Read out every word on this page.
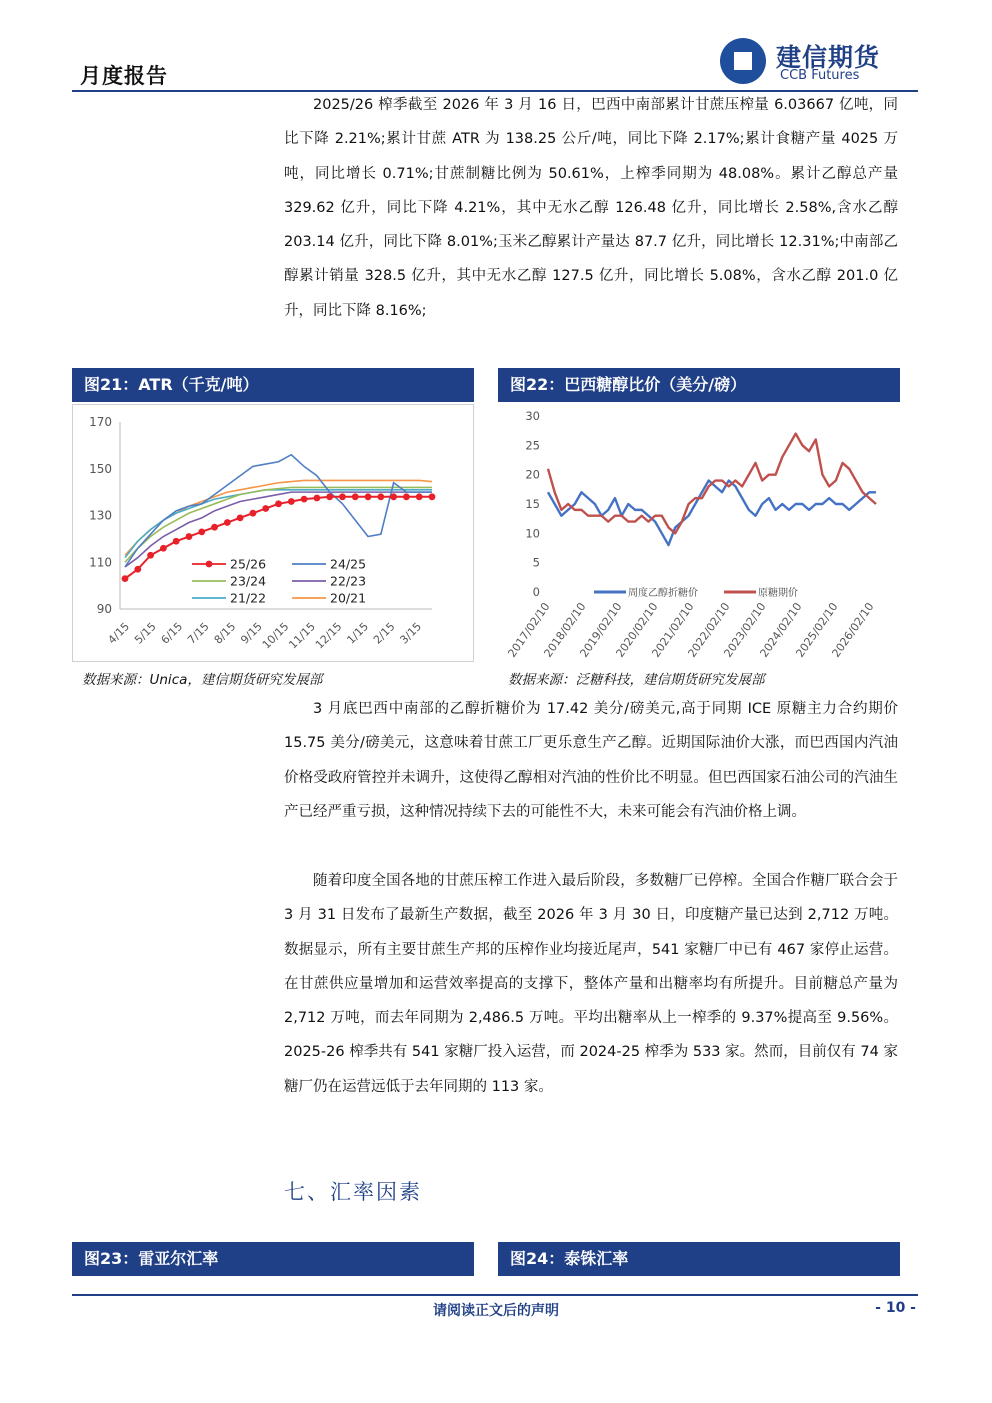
月度报告
建信期货
CCB Futures
2025/26 榨季截至 2026 年 3 月 16 日，巴西中南部累计甘蔗压榨量 6.03667 亿吨，同比下降 2.21%;累计甘蔗 ATR 为 138.25 公斤/吨，同比下降 2.17%;累计食糖产量 4025 万吨，同比增长 0.71%;甘蔗制糖比例为 50.61%，上榨季同期为 48.08%。累计乙醇总产量 329.62 亿升，同比下降 4.21%，其中无水乙醇 126.48 亿升，同比增长 2.58%,含水乙醇 203.14 亿升，同比下降 8.01%;玉米乙醇累计产量达 87.7 亿升，同比增长 12.31%;中南部乙醇累计销量 328.5 亿升，其中无水乙醇 127.5 亿升，同比增长 5.08%，含水乙醇 201.0 亿升，同比下降 8.16%;
图21：ATR（千克/吨）
90
110
130
150
170
4/15 5/15 6/15 7/15 8/15 9/15
10/15
11/15
12/15 1/15 2/15 3/15
25/26	24/25
23/24	22/23
21/22	20/21
数据来源：Unica，建信期货研究发展部
图22：巴西糖醇比价（美分/磅）
0
5
10
15
20
25
30
2017/02/10
2018/02/10
2019/02/10
2020/02/10
2021/02/10
2022/02/10
2023/02/10
2024/02/10
2025/02/10
2026/02/10
周度乙醇折糖价	原糖期价
数据来源：泛糖科技，建信期货研究发展部
3 月底巴西中南部的乙醇折糖价为 17.42 美分/磅美元,高于同期 ICE 原糖主力合约期价 15.75 美分/磅美元，这意味着甘蔗工厂更乐意生产乙醇。近期国际油价大涨，而巴西国内汽油价格受政府管控并未调升，这使得乙醇相对汽油的性价比不明显。但巴西国家石油公司的汽油生产已经严重亏损，这种情况持续下去的可能性不大，未来可能会有汽油价格上调。
随着印度全国各地的甘蔗压榨工作进入最后阶段，多数糖厂已停榨。全国合作糖厂联合会于 3 月 31 日发布了最新生产数据，截至 2026 年 3 月 30 日，印度糖产量已达到 2,712 万吨。数据显示，所有主要甘蔗生产邦的压榨作业均接近尾声，541 家糖厂中已有 467 家停止运营。在甘蔗供应量增加和运营效率提高的支撑下，整体产量和出糖率均有所提升。目前糖总产量为 2,712 万吨，而去年同期为 2,486.5 万吨。平均出糖率从上一榨季的 9.37%提高至 9.56%。2025-26 榨季共有 541 家糖厂投入运营，而 2024-25 榨季为 533 家。然而，目前仅有 74 家糖厂仍在运营远低于去年同期的 113 家。
七、汇率因素
图23：雷亚尔汇率	图24：泰铢汇率
请阅读正文后的声明	- 10 -
